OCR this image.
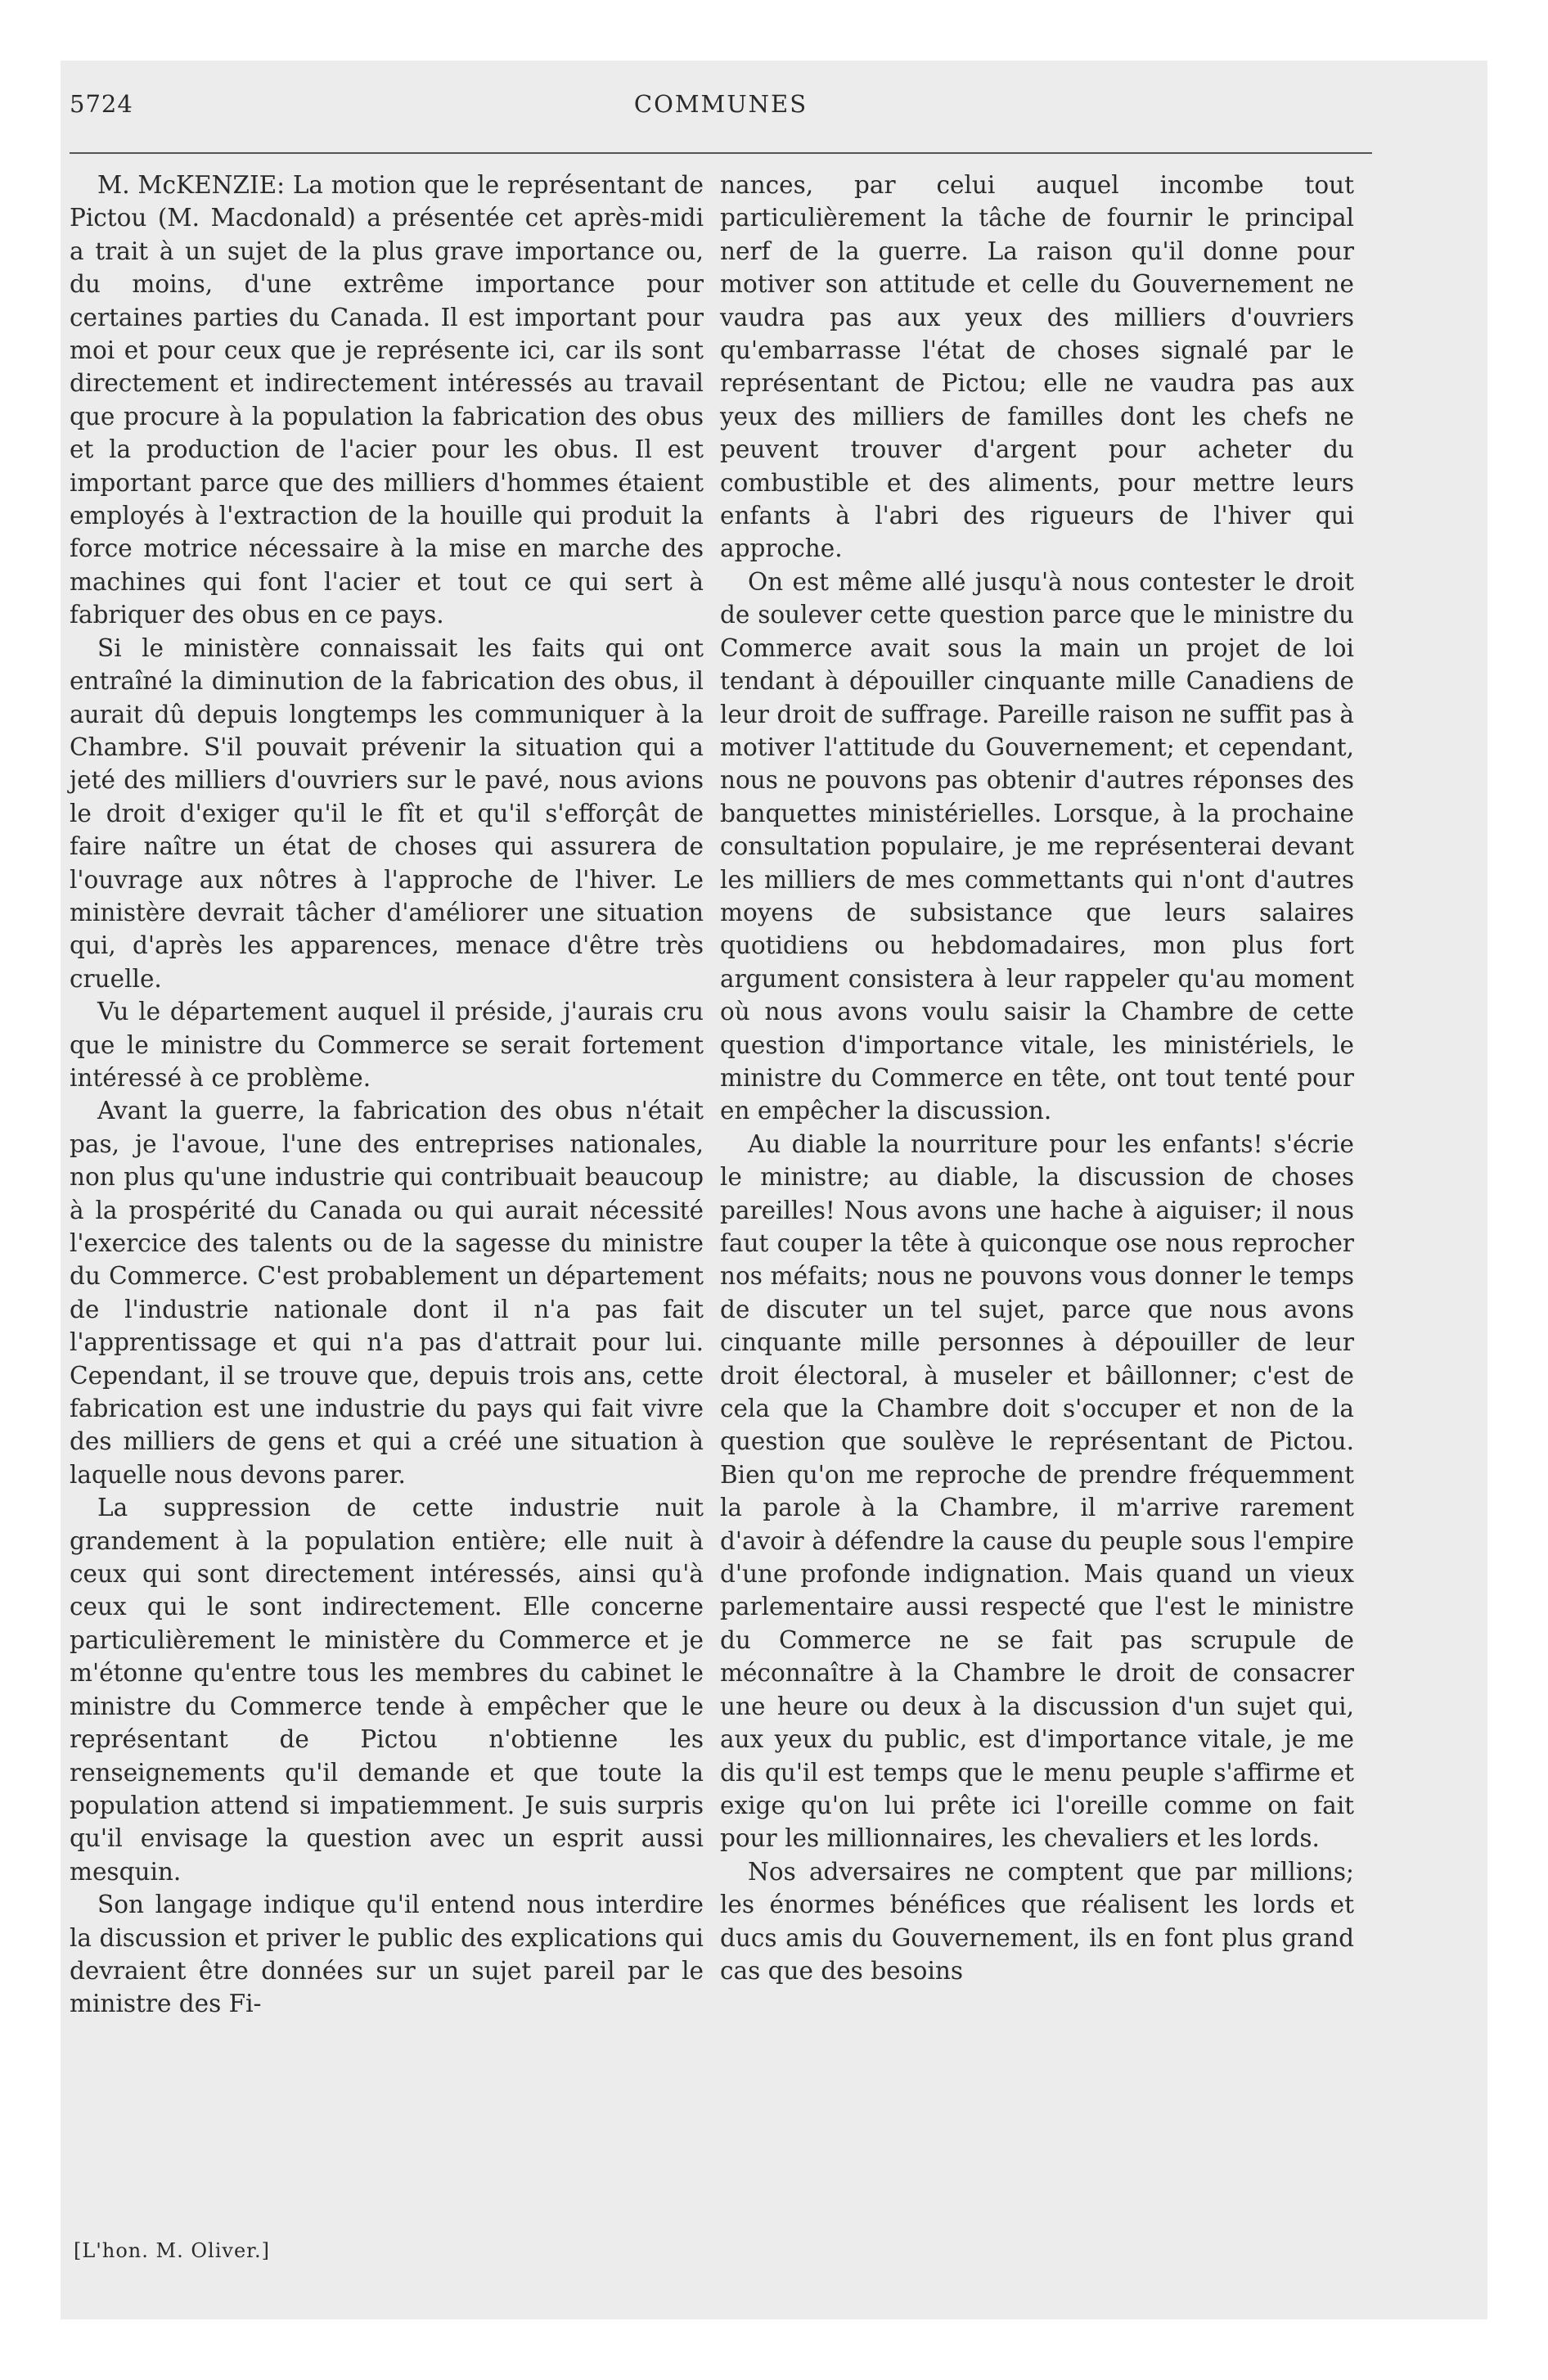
5724	COMMUNES

M. McKENZIE: La motion que le représentant de Pictou (M. Macdonald) a présentée cet après-midi a trait à un sujet de la plus grave importance ou, du moins, d'une extrême importance pour certaines parties du Canada. Il est important pour moi et pour ceux que je représente ici, car ils sont directement et indirectement intéressés au travail que procure à la population la fabrication des obus et la production de l'acier pour les obus. Il est important parce que des milliers d'hommes étaient employés à l'extraction de la houille qui produit la force motrice nécessaire à la mise en marche des machines qui font l'acier et tout ce qui sert à fabriquer des obus en ce pays.

Si le ministère connaissait les faits qui ont entraîné la diminution de la fabrication des obus, il aurait dû depuis longtemps les communiquer à la Chambre. S'il pouvait prévenir la situation qui a jeté des milliers d'ouvriers sur le pavé, nous avions le droit d'exiger qu'il le fît et qu'il s'efforçât de faire naître un état de choses qui assurera de l'ouvrage aux nôtres à l'approche de l'hiver. Le ministère devrait tâcher d'améliorer une situation qui, d'après les apparences, menace d'être très cruelle.

Vu le département auquel il préside, j'aurais cru que le ministre du Commerce se serait fortement intéressé à ce problème.

Avant la guerre, la fabrication des obus n'était pas, je l'avoue, l'une des entreprises nationales, non plus qu'une industrie qui contribuait beaucoup à la prospérité du Canada ou qui aurait nécessité l'exercice des talents ou de la sagesse du ministre du Commerce. C'est probablement un département de l'industrie nationale dont il n'a pas fait l'apprentissage et qui n'a pas d'attrait pour lui. Cependant, il se trouve que, depuis trois ans, cette fabrication est une industrie du pays qui fait vivre des milliers de gens et qui a créé une situation à laquelle nous devons parer.

La suppression de cette industrie nuit grandement à la population entière; elle nuit à ceux qui sont directement intéressés, ainsi qu'à ceux qui le sont indirectement. Elle concerne particulièrement le ministère du Commerce et je m'étonne qu'entre tous les membres du cabinet le ministre du Commerce tende à empêcher que le représentant de Pictou n'obtienne les renseignements qu'il demande et que toute la population attend si impatiemment. Je suis surpris qu'il envisage la question avec un esprit aussi mesquin.

Son langage indique qu'il entend nous interdire la discussion et priver le public des explications qui devraient être données sur un sujet pareil par le ministre des Fi-

nances, par celui auquel incombe tout particulièrement la tâche de fournir le principal nerf de la guerre. La raison qu'il donne pour motiver son attitude et celle du Gouvernement ne vaudra pas aux yeux des milliers d'ouvriers qu'embarrasse l'état de choses signalé par le représentant de Pictou; elle ne vaudra pas aux yeux des milliers de familles dont les chefs ne peuvent trouver d'argent pour acheter du combustible et des aliments, pour mettre leurs enfants à l'abri des rigueurs de l'hiver qui approche.

On est même allé jusqu'à nous contester le droit de soulever cette question parce que le ministre du Commerce avait sous la main un projet de loi tendant à dépouiller cinquante mille Canadiens de leur droit de suffrage. Pareille raison ne suffit pas à motiver l'attitude du Gouvernement; et cependant, nous ne pouvons pas obtenir d'autres réponses des banquettes ministérielles. Lorsque, à la prochaine consultation populaire, je me représenterai devant les milliers de mes commettants qui n'ont d'autres moyens de subsistance que leurs salaires quotidiens ou hebdomadaires, mon plus fort argument consistera à leur rappeler qu'au moment où nous avons voulu saisir la Chambre de cette question d'importance vitale, les ministériels, le ministre du Commerce en tête, ont tout tenté pour en empêcher la discussion.

Au diable la nourriture pour les enfants! s'écrie le ministre; au diable, la discussion de choses pareilles! Nous avons une hache à aiguiser; il nous faut couper la tête à quiconque ose nous reprocher nos méfaits; nous ne pouvons vous donner le temps de discuter un tel sujet, parce que nous avons cinquante mille personnes à dépouiller de leur droit électoral, à museler et bâillonner; c'est de cela que la Chambre doit s'occuper et non de la question que soulève le représentant de Pictou. Bien qu'on me reproche de prendre fréquemment la parole à la Chambre, il m'arrive rarement d'avoir à défendre la cause du peuple sous l'empire d'une profonde indignation. Mais quand un vieux parlementaire aussi respecté que l'est le ministre du Commerce ne se fait pas scrupule de méconnaître à la Chambre le droit de consacrer une heure ou deux à la discussion d'un sujet qui, aux yeux du public, est d'importance vitale, je me dis qu'il est temps que le menu peuple s'affirme et exige qu'on lui prête ici l'oreille comme on fait pour les millionnaires, les chevaliers et les lords.

Nos adversaires ne comptent que par millions; les énormes bénéfices que réalisent les lords et ducs amis du Gouvernement, ils en font plus grand cas que des besoins

[L'hon. M. Oliver.]
